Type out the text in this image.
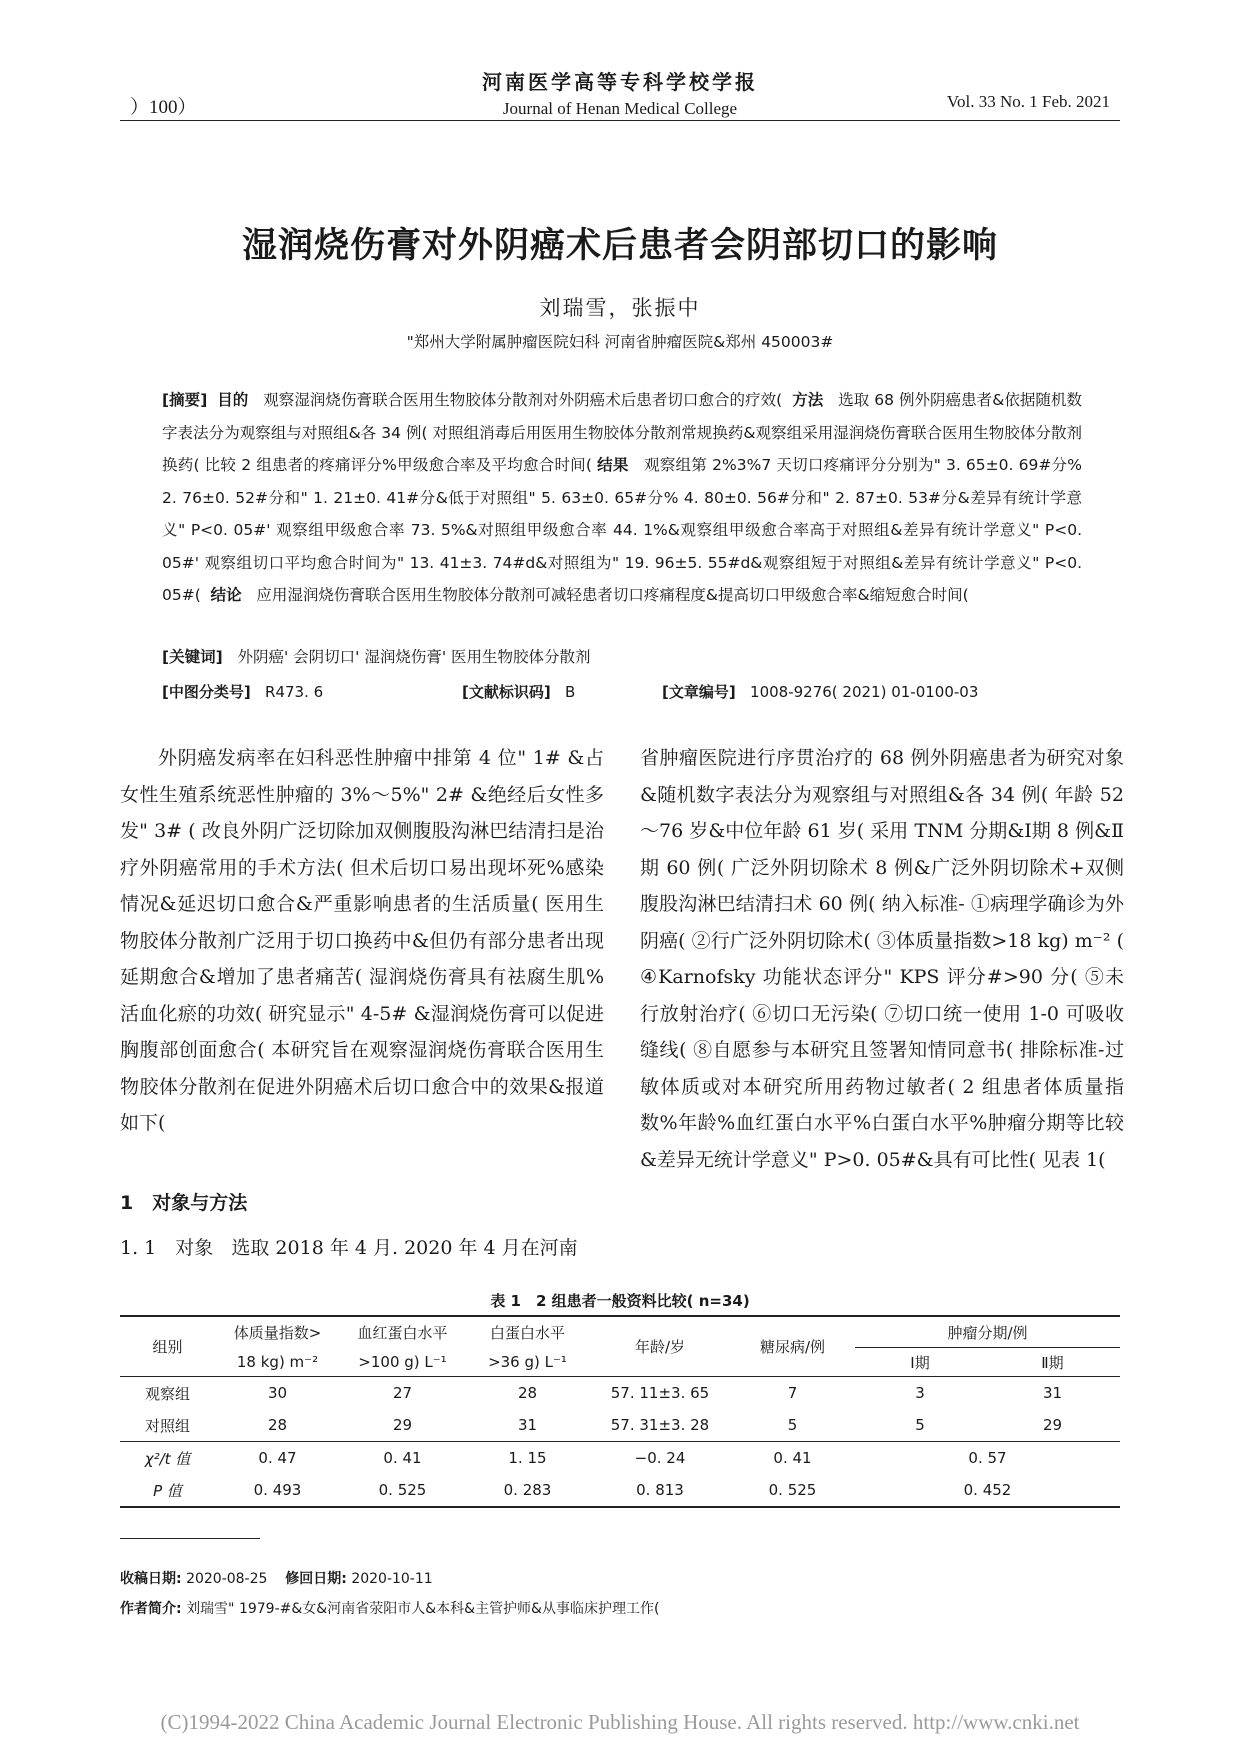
）100）
河南医学高等专科学校学报
Journal of Henan Medical College	Vol. 33 No. 1 Feb. 2021
湿润烧伤膏对外阴癌术后患者会阴部切口的影响
刘瑞雪，张振中
"郑州大学附属肿瘤医院妇科 河南省肿瘤医院&郑州 450003#
[摘要] 目的 观察湿润烧伤膏联合医用生物胶体分散剂对外阴癌术后患者切口愈合的疗效( 方法 选取 68 例外阴癌患者&依据随机数字表法分为观察组与对照组&各 34 例( 对照组消毒后用医用生物胶体分散剂常规换药&观察组采用湿润烧伤膏联合医用生物胶体分散剂换药( 比较 2 组患者的疼痛评分%甲级愈合率及平均愈合时间( 结果 观察组第 2%3%7 天切口疼痛评分分别为" 3. 65±0. 69#分% 2. 76±0. 52#分和" 1. 21±0. 41#分&低于对照组" 5. 63±0. 65#分% 4. 80±0. 56#分和" 2. 87±0. 53#分&差异有统计学意义" P<0. 05#' 观察组甲级愈合率 73. 5%&对照组甲级愈合率 44. 1%&观察组甲级愈合率高于对照组&差异有统计学意义" P<0. 05#' 观察组切口平均愈合时间为" 13. 41±3. 74#d&对照组为" 19. 96±5. 55#d&观察组短于对照组&差异有统计学意义" P<0. 05#( 结论 应用湿润烧伤膏联合医用生物胶体分散剂可减轻患者切口疼痛程度&提高切口甲级愈合率&缩短愈合时间(
[关键词] 外阴癌' 会阴切口' 湿润烧伤膏' 医用生物胶体分散剂
[中图分类号] R473. 6	[文献标识码] B	[文章编号] 1008-9276( 2021) 01-0100-03
外阴癌发病率在妇科恶性肿瘤中排第 4 位" 1# &占女性生殖系统恶性肿瘤的 3%～5%" 2# &绝经后女性多发" 3# ( 改良外阴广泛切除加双侧腹股沟淋巴结清扫是治疗外阴癌常用的手术方法( 但术后切口易出现坏死%感染情况&延迟切口愈合&严重影响患者的生活质量( 医用生物胶体分散剂广泛用于切口换药中&但仍有部分患者出现延期愈合&增加了患者痛苦( 湿润烧伤膏具有祛腐生肌%活血化瘀的功效( 研究显示" 4-5# &湿润烧伤膏可以促进胸腹部创面愈合( 本研究旨在观察湿润烧伤膏联合医用生物胶体分散剂在促进外阴癌术后切口愈合中的效果&报道如下(
1　对象与方法
1. 1　对象 选取 2018 年 4 月. 2020 年 4 月在河南
省肿瘤医院进行序贯治疗的 68 例外阴癌患者为研究对象&随机数字表法分为观察组与对照组&各 34 例( 年龄 52～76 岁&中位年龄 61 岁( 采用 TNM 分期&Ⅰ期 8 例&Ⅱ期 60 例( 广泛外阴切除术 8 例&广泛外阴切除术+双侧腹股沟淋巴结清扫术 60 例( 纳入标准- ①病理学确诊为外阴癌( ②行广泛外阴切除术( ③体质量指数>18 kg) m⁻² ( ④Karnofsky 功能状态评分" KPS 评分#>90 分( ⑤未行放射治疗( ⑥切口无污染( ⑦切口统一使用 1-0 可吸收缝线( ⑧自愿参与本研究且签署知情同意书( 排除标准-过敏体质或对本研究所用药物过敏者( 2 组患者体质量指数%年龄%血红蛋白水平%白蛋白水平%肿瘤分期等比较&差异无统计学意义" P>0. 05#&具有可比性( 见表 1(
表 1　2 组患者一般资料比较( n=34)
组别	体质量指数>	血红蛋白水平	白蛋白水平	年龄/岁	糖尿病/例	肿瘤分期/例	
	18 kg) m⁻²	>100 g) L⁻¹	>36 g) L⁻¹			Ⅰ期	Ⅱ期
观察组	30	27	28	57. 11±3. 65	7	3	31
对照组	28	29	31	57. 31±3. 28	5	5	29
χ²/t 值	0. 47	0. 41	1. 15	−0. 24	0. 41	0. 57	
P 值	0. 493	0. 525	0. 283	0. 813	0. 525	0. 452	
收稿日期: 2020-08-25 修回日期: 2020-10-11
作者简介: 刘瑞雪" 1979-#&女&河南省荥阳市人&本科&主管护师&从事临床护理工作(
(C)1994-2022 China Academic Journal Electronic Publishing House. All rights reserved. http://www.cnki.net
